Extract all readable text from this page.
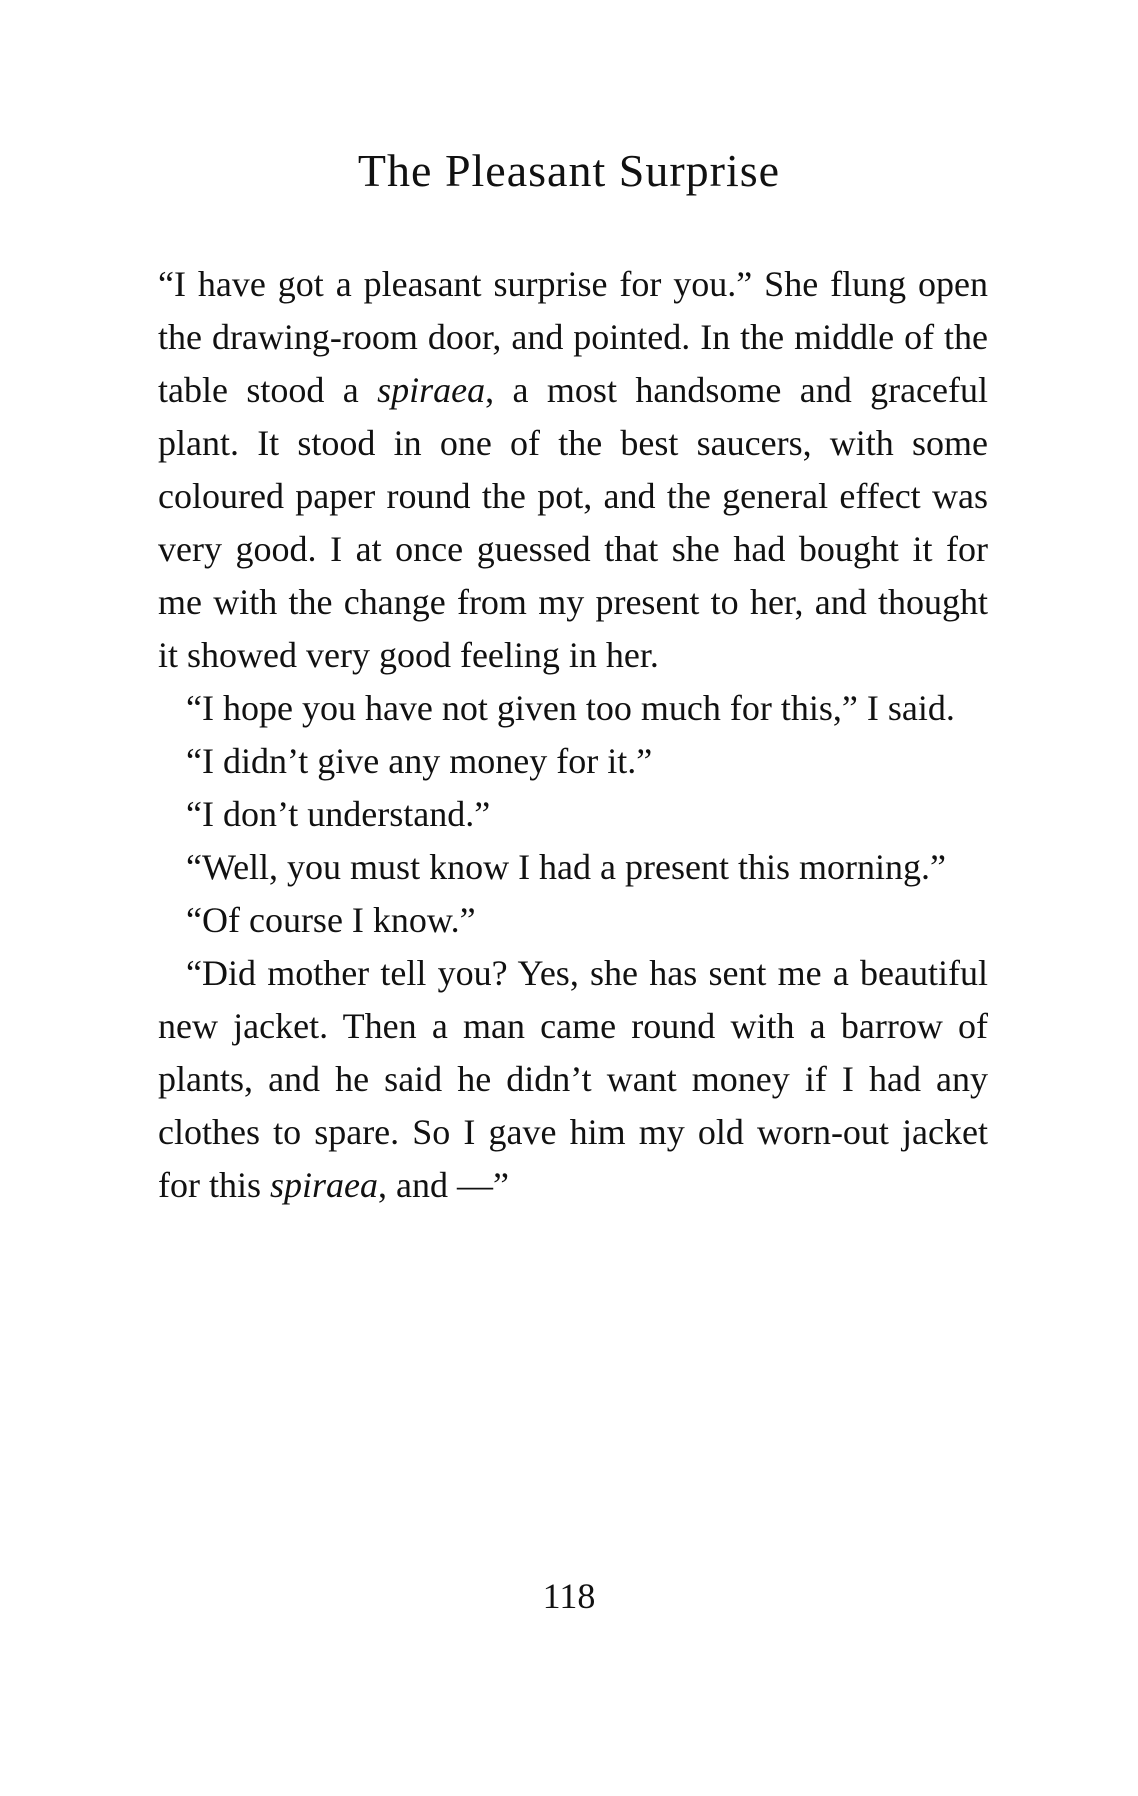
The Pleasant Surprise

“I have got a pleasant surprise for you.” She flung open the drawing-room door, and pointed. In the middle of the table stood a spiraea, a most handsome and graceful plant. It stood in one of the best saucers, with some coloured paper round the pot, and the general effect was very good. I at once guessed that she had bought it for me with the change from my present to her, and thought it showed very good feeling in her.

“I hope you have not given too much for this,” I said.

“I didn’t give any money for it.”

“I don’t understand.”

“Well, you must know I had a present this morning.”

“Of course I know.”

“Did mother tell you? Yes, she has sent me a beautiful new jacket. Then a man came round with a barrow of plants, and he said he didn’t want money if I had any clothes to spare. So I gave him my old worn-out jacket for this spiraea, and —”

118
